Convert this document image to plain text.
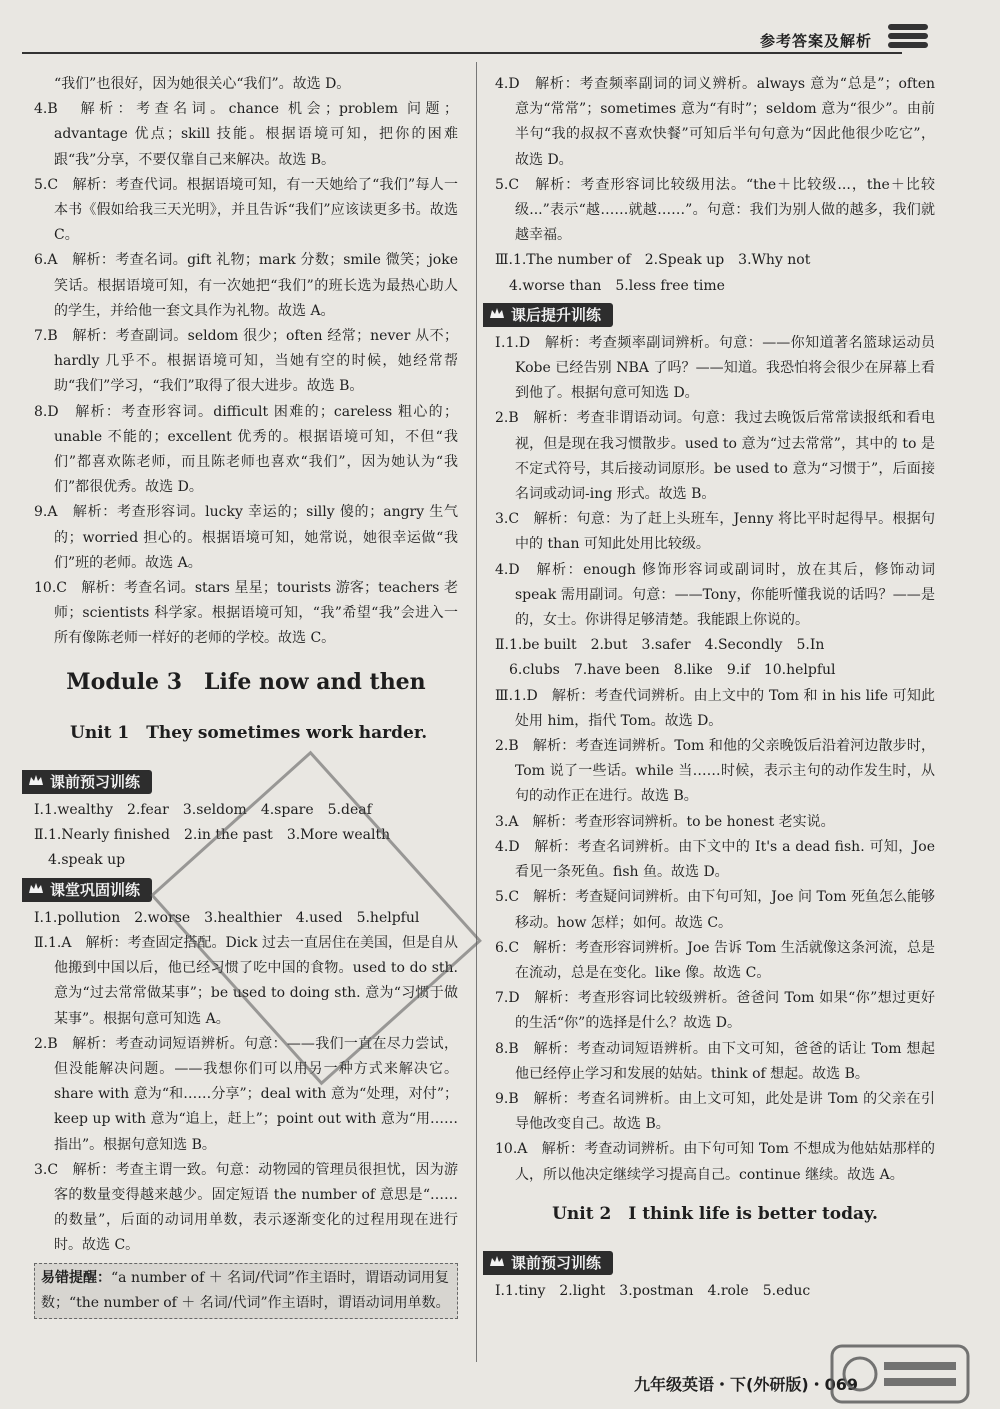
参考答案及解析
“我们”也很好，因为她很关心“我们”。故选 D。
4.B　解析：考查名词。chance 机会；problem 问题；advantage 优点；skill 技能。根据语境可知，把你的困难跟“我”分享，不要仅靠自己来解决。故选 B。
5.C　解析：考查代词。根据语境可知，有一天她给了“我们”每人一本书《假如给我三天光明》，并且告诉“我们”应该读更多书。故选 C。
6.A　解析：考查名词。gift 礼物；mark 分数；smile 微笑；joke 笑话。根据语境可知，有一次她把“我们”的班长选为最热心助人的学生，并给他一套文具作为礼物。故选 A。
7.B　解析：考查副词。seldom 很少；often 经常；never 从不；hardly 几乎不。根据语境可知，当她有空的时候，她经常帮助“我们”学习，“我们”取得了很大进步。故选 B。
8.D　解析：考查形容词。difficult 困难的；careless 粗心的；unable 不能的；excellent 优秀的。根据语境可知，不但“我们”都喜欢陈老师，而且陈老师也喜欢“我们”，因为她认为“我们”都很优秀。故选 D。
9.A　解析：考查形容词。lucky 幸运的；silly 傻的；angry 生气的；worried 担心的。根据语境可知，她常说，她很幸运做“我们”班的老师。故选 A。
10.C　解析：考查名词。stars 星星；tourists 游客；teachers 老师；scientists 科学家。根据语境可知，“我”希望“我”会进入一所有像陈老师一样好的老师的学校。故选 C。
Module 3　Life now and then
Unit 1　They sometimes work harder.
课前预习训练
Ⅰ.1.wealthy　2.fear　3.seldom　4.spare　5.deaf
Ⅱ.1.Nearly finished　2.in the past　3.More wealth
　4.speak up
课堂巩固训练
Ⅰ.1.pollution　2.worse　3.healthier　4.used　5.helpful
Ⅱ.1.A　解析：考查固定搭配。Dick 过去一直居住在美国，但是自从他搬到中国以后，他已经习惯了吃中国的食物。used to do sth. 意为“过去常常做某事”；be used to doing sth. 意为“习惯于做某事”。根据句意可知选 A。
2.B　解析：考查动词短语辨析。句意：——我们一直在尽力尝试，但没能解决问题。——我想你们可以用另一种方式来解决它。share with 意为“和……分享”；deal with 意为“处理，对付”；keep up with 意为“追上，赶上”；point out with 意为“用……指出”。根据句意知选 B。
3.C　解析：考查主谓一致。句意：动物园的管理员很担忧，因为游客的数量变得越来越少。固定短语 the number of 意思是“……的数量”，后面的动词用单数，表示逐渐变化的过程用现在进行时。故选 C。
易错提醒：“a number of ＋ 名词/代词”作主语时，谓语动词用复数；“the number of ＋ 名词/代词”作主语时，谓语动词用单数。
4.D　解析：考查频率副词的词义辨析。always 意为“总是”；often 意为“常常”；sometimes 意为“有时”；seldom 意为“很少”。由前半句“我的叔叔不喜欢快餐”可知后半句句意为“因此他很少吃它”，故选 D。
5.C　解析：考查形容词比较级用法。“the＋比较级...，the＋比较级...”表示“越……就越……”。句意：我们为别人做的越多，我们就越幸福。
Ⅲ.1.The number of　2.Speak up　3.Why not
　4.worse than　5.less free time
课后提升训练
Ⅰ.1.D　解析：考查频率副词辨析。句意：——你知道著名篮球运动员 Kobe 已经告别 NBA 了吗？——知道。我恐怕将会很少在屏幕上看到他了。根据句意可知选 D。
2.B　解析：考查非谓语动词。句意：我过去晚饭后常常读报纸和看电视，但是现在我习惯散步。used to 意为“过去常常”，其中的 to 是不定式符号，其后接动词原形。be used to 意为“习惯于”，后面接名词或动词-ing 形式。故选 B。
3.C　解析：句意：为了赶上头班车，Jenny 将比平时起得早。根据句中的 than 可知此处用比较级。
4.D　解析：enough 修饰形容词或副词时，放在其后，修饰动词 speak 需用副词。句意：——Tony，你能听懂我说的话吗？——是的，女士。你讲得足够清楚。我能跟上你说的。
Ⅱ.1.be built　2.but　3.safer　4.Secondly　5.In
　6.clubs　7.have been　8.like　9.if　10.helpful
Ⅲ.1.D　解析：考查代词辨析。由上文中的 Tom 和 in his life 可知此处用 him，指代 Tom。故选 D。
2.B　解析：考查连词辨析。Tom 和他的父亲晚饭后沿着河边散步时，Tom 说了一些话。while 当……时候，表示主句的动作发生时，从句的动作正在进行。故选 B。
3.A　解析：考查形容词辨析。to be honest 老实说。
4.D　解析：考查名词辨析。由下文中的 It's a dead fish. 可知，Joe 看见一条死鱼。fish 鱼。故选 D。
5.C　解析：考查疑问词辨析。由下句可知，Joe 问 Tom 死鱼怎么能够移动。how 怎样；如何。故选 C。
6.C　解析：考查形容词辨析。Joe 告诉 Tom 生活就像这条河流，总是在流动，总是在变化。like 像。故选 C。
7.D　解析：考查形容词比较级辨析。爸爸问 Tom 如果“你”想过更好的生活“你”的选择是什么？故选 D。
8.B　解析：考查动词短语辨析。由下文可知，爸爸的话让 Tom 想起他已经停止学习和发展的姑姑。think of 想起。故选 B。
9.B　解析：考查名词辨析。由上文可知，此处是讲 Tom 的父亲在引导他改变自己。故选 B。
10.A　解析：考查动词辨析。由下句可知 Tom 不想成为他姑姑那样的人，所以他决定继续学习提高自己。continue 继续。故选 A。
Unit 2　I think life is better today.
课前预习训练
Ⅰ.1.tiny　2.light　3.postman　4.role　5.educ
九年级英语・下(外研版)・069
